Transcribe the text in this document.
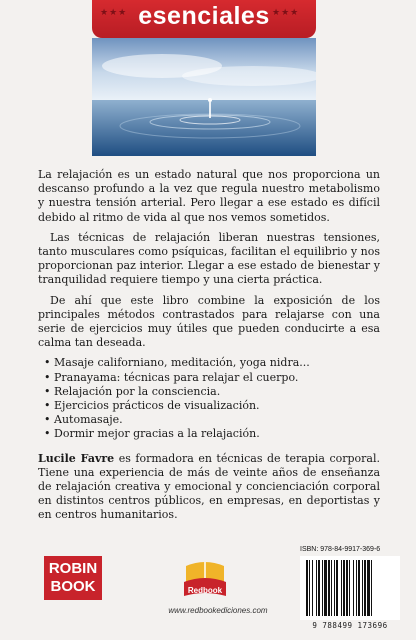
★★★	★★★
esenciales

La relajación es un estado natural que nos proporciona un descanso profundo a la vez que regula nuestro metabolismo y nuestra tensión arterial. Pero llegar a ese estado es difícil debido al ritmo de vida al que nos vemos sometidos.

Las técnicas de relajación liberan nuestras tensiones, tanto musculares como psíquicas, facilitan el equilibrio y nos proporcionan paz interior. Llegar a ese estado de bienestar y tranquilidad requiere tiempo y una cierta práctica.

De ahí que este libro combine la exposición de los principales métodos contrastados para relajarse con una serie de ejercicios muy útiles que pueden conducirte a esa calma tan deseada.

• Masaje californiano, meditación, yoga nidra...
• Pranayama: técnicas para relajar el cuerpo.
• Relajación por la consciencia.
• Ejercicios prácticos de visualización.
• Automasaje.
• Dormir mejor gracias a la relajación.

Lucile Favre es formadora en técnicas de terapia corporal. Tiene una experiencia de más de veinte años de enseñanza de relajación creativa y emocional y concienciación corporal en distintos centros públicos, en empresas, en deportistas y en centros humanitarios.

ROBIN
BOOK	Redbook
www.redbookediciones.com
ISBN: 978-84-9917-369-6
9 788499 173696
